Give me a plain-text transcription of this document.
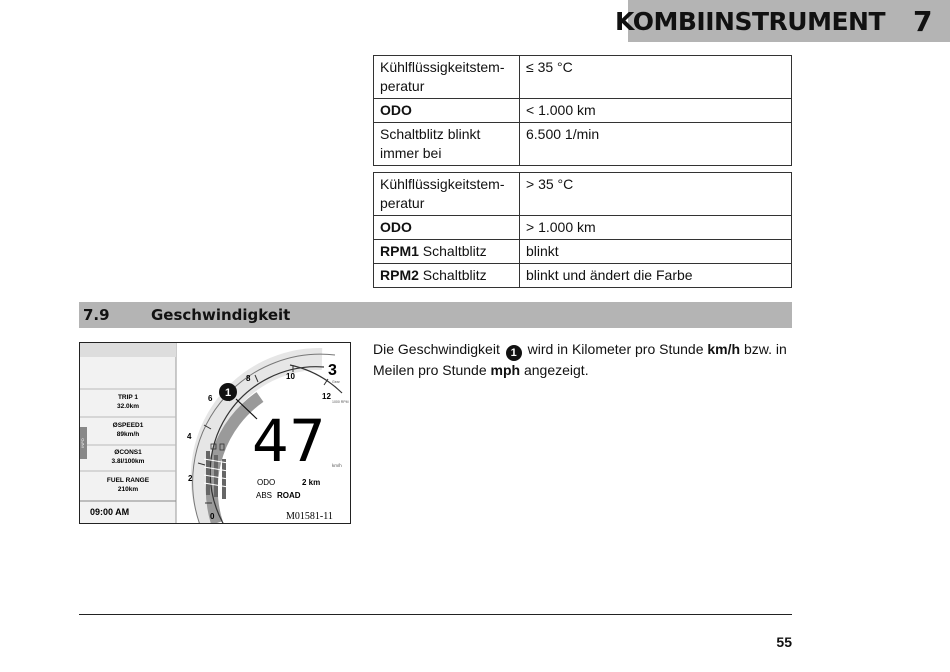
KOMBIINSTRUMENT 7
Kühlflüssigkeitstem-
peratur	≤ 35 °C
ODO	< 1.000 km
Schaltblitz blinkt immer bei	6.500 1/min
Kühlflüssigkeitstem-
peratur	> 35 °C
ODO	> 1.000 km
RPM1 Schaltblitz	blinkt
RPM2 Schaltblitz	blinkt und ändert die Farbe
7.9	Geschwindigkeit
INFO
TRIP 1
32.0km
ØSPEED1
89km/h
ØCONS1
3.8l/100km
FUEL RANGE
210km
09:00 AM	0
2
4
6
8	10
12
3
Gear
1000 RPM
47 km/h
ODO	2 km
ABS ROAD
1
M01581-11
Die Geschwindigkeit 1 wird in Kilometer pro Stunde km/h bzw. in Meilen pro Stunde mph angezeigt.
55
